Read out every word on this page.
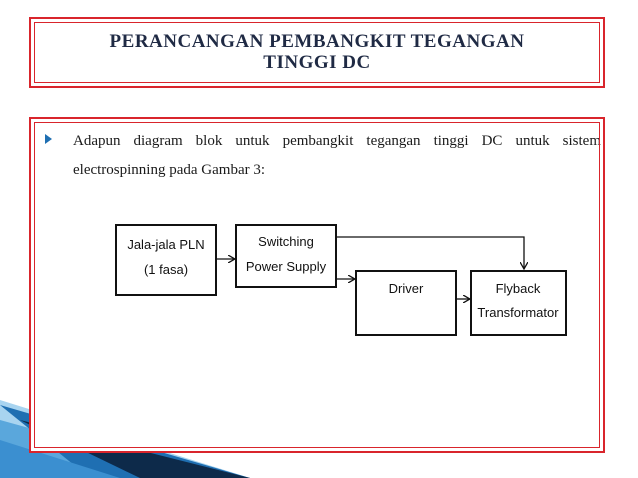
PERANCANGAN PEMBANGKIT TEGANGAN
TINGGI DC
Adapun diagram blok untuk pembangkit tegangan tinggi DC untuk sistem electrospinning pada Gambar 3:
Jala-jala PLN
(1 fasa)
Switching
Power Supply
Driver	Flyback
Transformator
